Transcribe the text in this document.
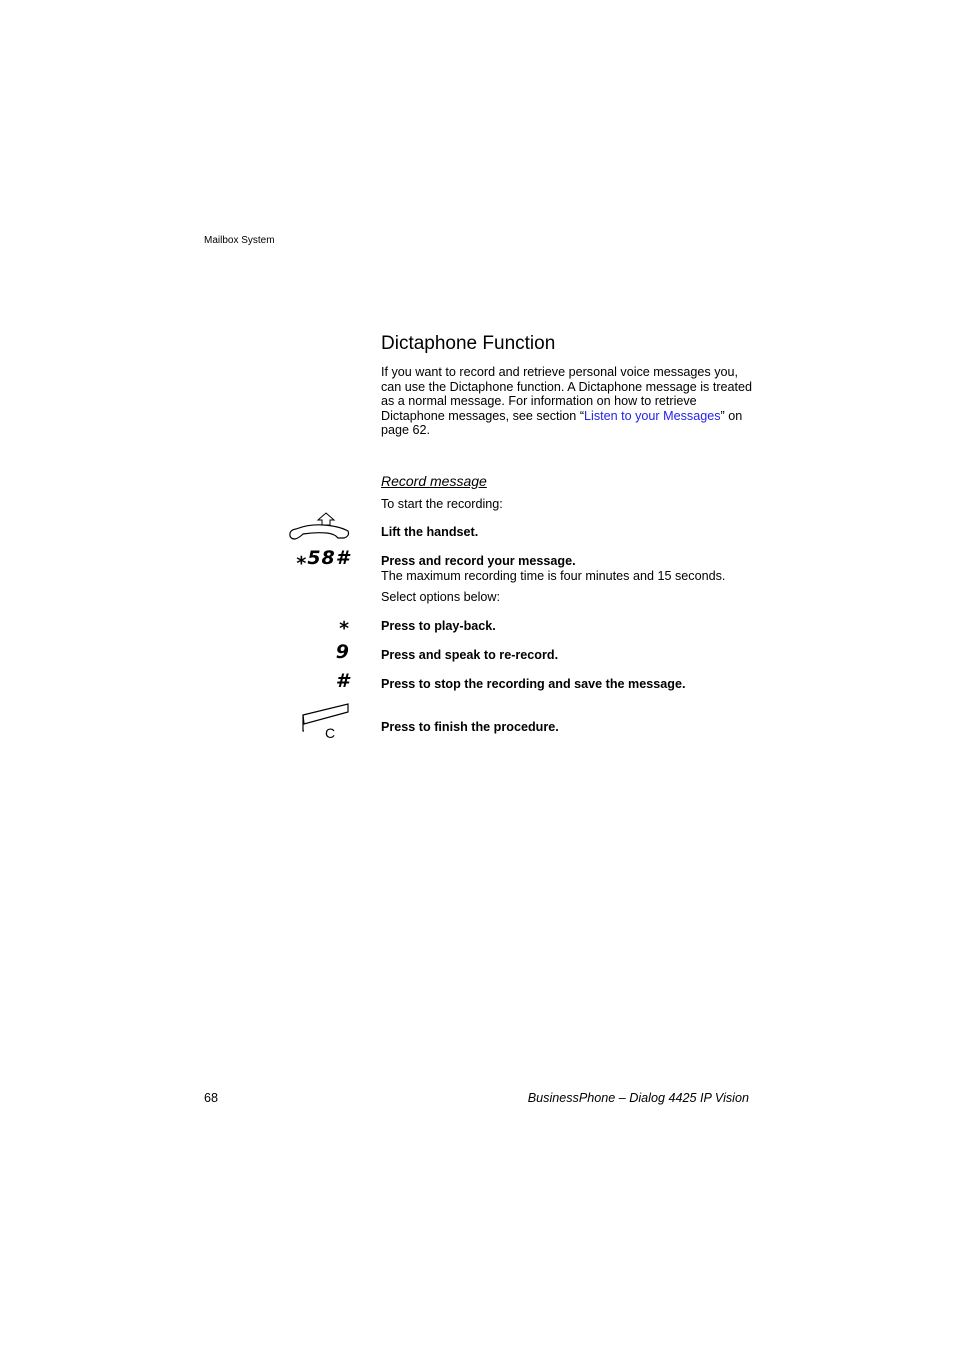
Mailbox System
Dictaphone Function
If you want to record and retrieve personal voice messages you, can use the Dictaphone function. A Dictaphone message is treated as a normal message. For information on how to retrieve Dictaphone messages, see section “Listen to your Messages” on page 62.
Record message
To start the recording:
Lift the handset.
⁎58# Press and record your message.
The maximum recording time is four minutes and 15 seconds.
Select options below:
⁎ Press to play-back.
9 Press and speak to re-record.
# Press to stop the recording and save the message.
C	Press to finish the procedure.
68	BusinessPhone – Dialog 4425 IP Vision
